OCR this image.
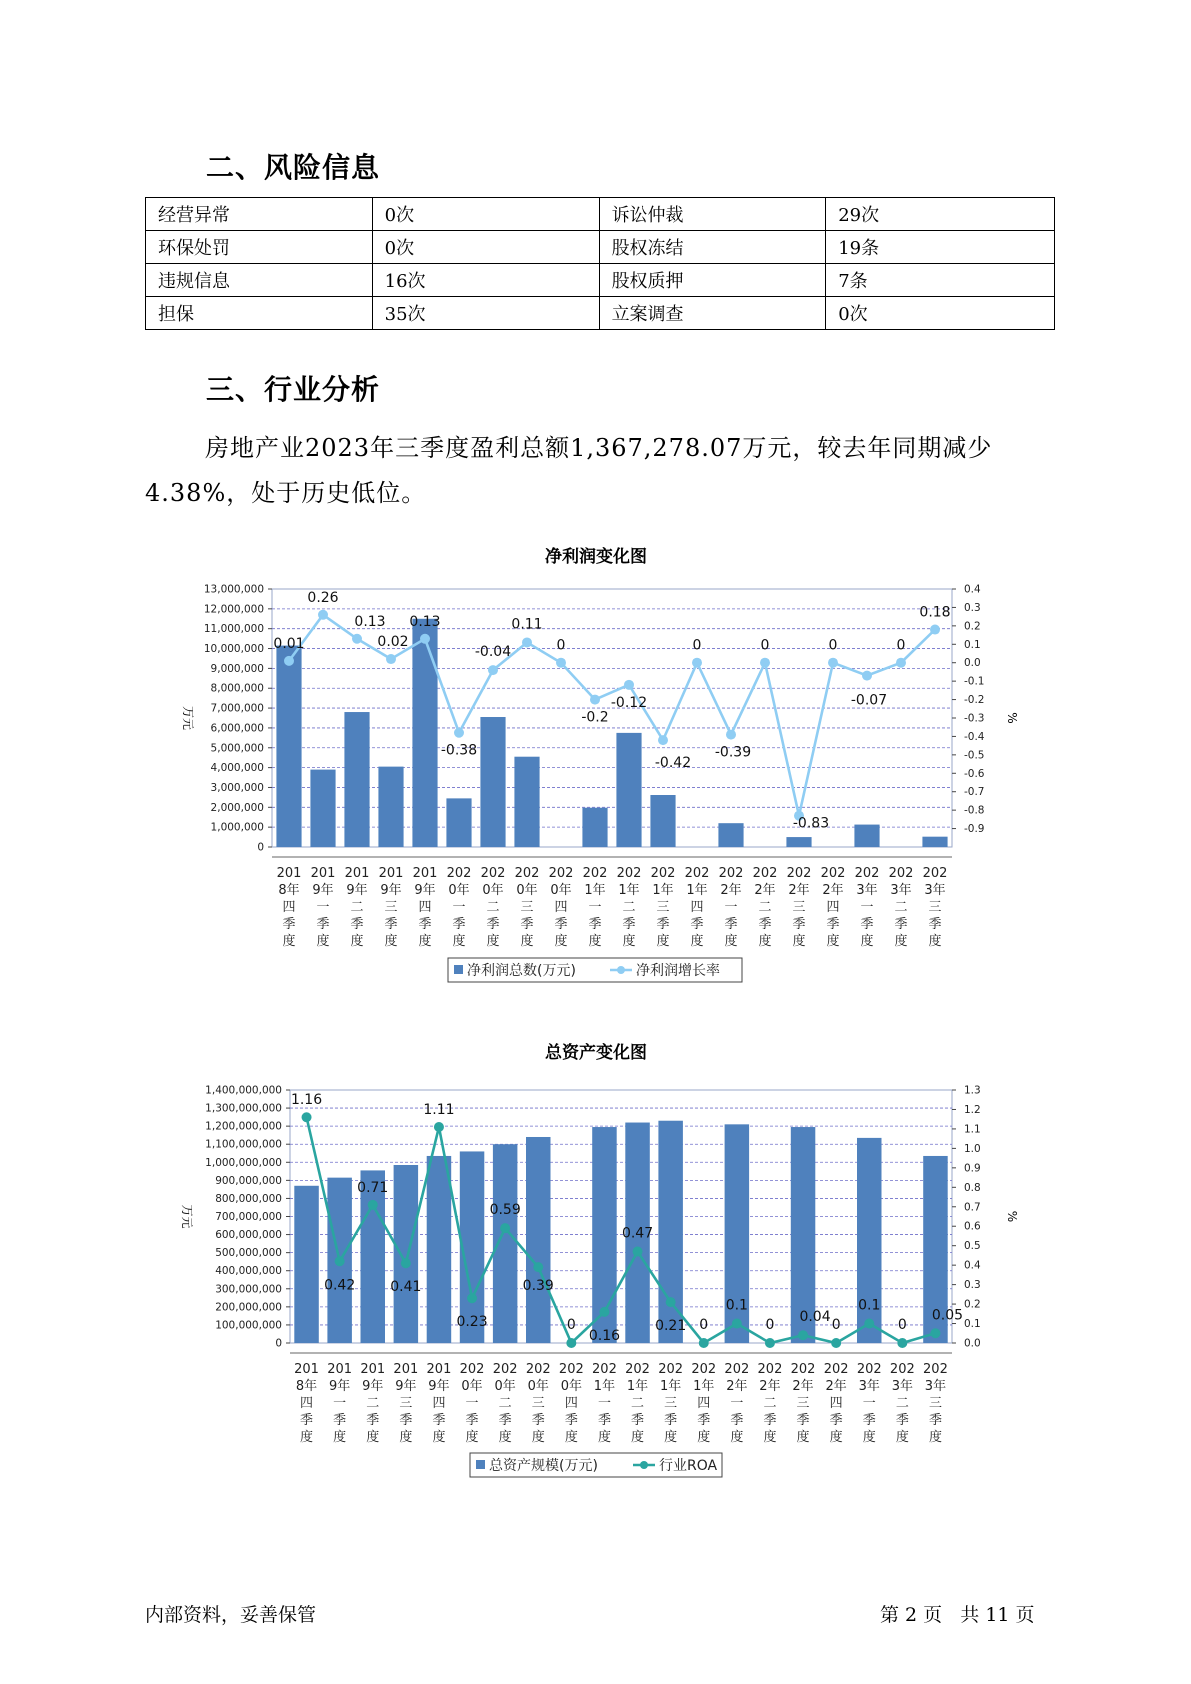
二、风险信息
经营异常	0次	诉讼仲裁	29次
环保处罚	0次	股权冻结	19条
违规信息	16次	股权质押	7条
担保	35次	立案调查	0次
三、行业分析
房地产业2023年三季度盈利总额1,367,278.07万元，较去年同期减少4.38%，处于历史低位。
净利润变化图
0
1,000,000
2,000,000
3,000,000
4,000,000
5,000,000
6,000,000
7,000,000
8,000,000
9,000,000
10,000,000
11,000,000
12,000,000
13,000,000	0.4
0.3
0.2
0.1
0.0
-0.1
-0.2
-0.3
-0.4
-0.5
-0.6
-0.7
-0.8
-0.9
万元	%
201 8年四季度
201 9年一季度
201 9年二季度
201 9年三季度
201 9年四季度
202 0年一季度
202 0年二季度
202 0年三季度
202 0年四季度
202 1年一季度
202 1年二季度
202 1年三季度
202 1年四季度
202 2年一季度
202 2年二季度
202 2年三季度
202 2年四季度
202 3年一季度
202 3年二季度
202 3年三季度
0.01
0.26
0.13
0.02
0.13
-0.38
-0.04
0.11
0
-0.2
-0.12
-0.42
0
-0.39
0
-0.83
0
-0.07
0
0.18
净利润总数(万元)	净利润增长率
总资产变化图
0
100,000,000
200,000,000
300,000,000
400,000,000
500,000,000
600,000,000
700,000,000
800,000,000
900,000,000
1,000,000,000
1,100,000,000
1,200,000,000
1,300,000,000
1,400,000,000	1.3
1.2
1.1
1.0
0.9
0.8
0.7
0.6
0.5
0.4
0.3
0.2
0.1
0.0
万元	%
201 8年四季度
201 9年一季度
201 9年二季度
201 9年三季度
201 9年四季度
202 0年一季度
202 0年二季度
202 0年三季度
202 0年四季度
202 1年一季度
202 1年二季度
202 1年三季度
202 1年四季度
202 2年一季度
202 2年二季度
202 2年三季度
202 2年四季度
202 3年一季度
202 3年二季度
202 3年三季度
1.16
0.42
0.71
0.41
1.11
0.23
0.59
0.39
0
0.16
0.47
0.21 0
0.1
0 0.04 0
0.1
0
0.05
总资产规模(万元)	行业ROA
内部资料，妥善保管	第 2 页   共 11 页
